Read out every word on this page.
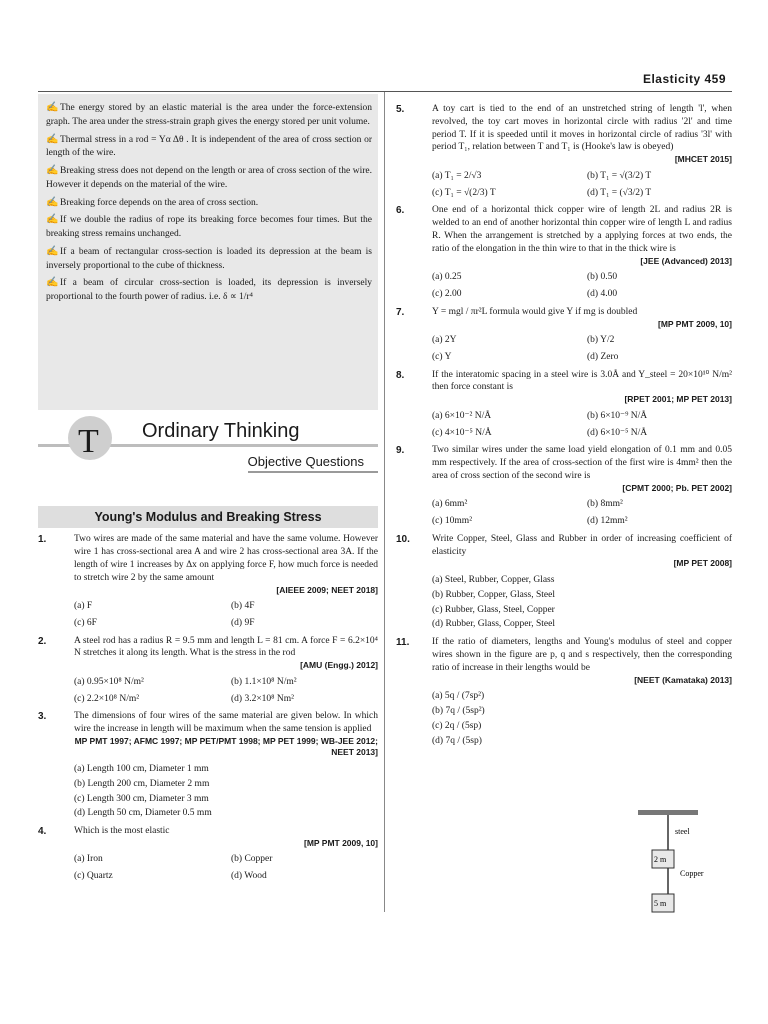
Elasticity 459
✍ The energy stored by an elastic material is the area under the force-extension graph. The area under the stress-strain graph gives the energy stored per unit volume.
✍ Thermal stress in a rod = Yα Δθ . It is independent of the area of cross section or length of the wire.
✍ Breaking stress does not depend on the length or area of cross section of the wire. However it depends on the material of the wire.
✍ Breaking force depends on the area of cross section.
✍ If we double the radius of rope its breaking force becomes four times. But the breaking stress remains unchanged.
✍ If a beam of rectangular cross-section is loaded its depression at the beam is inversely proportional to the cube of thickness.
✍ If a beam of circular cross-section is loaded, its depression is inversely proportional to the fourth power of radius. i.e. δ ∝ 1/r⁴
T Ordinary Thinking
Objective Questions
Young's Modulus and Breaking Stress
1.	Two wires are made of the same material and have the same volume. However wire 1 has cross-sectional area A and wire 2 has cross-sectional area 3A. If the length of wire 1 increases by Δx on applying force F, how much force is needed to stretch wire 2 by the same amount
[AIEEE 2009; NEET 2018]
(a) F	(b) 4F
(c) 6F	(d) 9F
2.	A steel rod has a radius R = 9.5 mm and length L = 81 cm. A force F = 6.2×10⁴ N stretches it along its length. What is the stress in the rod
[AMU (Engg.) 2012]
(a) 0.95×10⁸ N/m²	(b) 1.1×10⁸ N/m²
(c) 2.2×10⁸ N/m²	(d) 3.2×10⁸ Nm²
3.	The dimensions of four wires of the same material are given below. In which wire the increase in length will be maximum when the same tension is applied
MP PMT 1997; AFMC 1997; MP PET/PMT 1998; MP PET 1999; WB-JEE 2012; NEET 2013]
(a) Length 100 cm, Diameter 1 mm
(b) Length 200 cm, Diameter 2 mm
(c) Length 300 cm, Diameter 3 mm
(d) Length 50 cm, Diameter 0.5 mm
4.	Which is the most elastic
[MP PMT 2009, 10]
(a) Iron	(b) Copper
(c) Quartz	(d) Wood
5.	A toy cart is tied to the end of an unstretched string of length 'l', when revolved, the toy cart moves in horizontal circle with radius '2l' and time period T. If it is speeded until it moves in horizontal circle of radius '3l' with period T₁, relation between T and T₁ is (Hooke's law is obeyed)
[MHCET 2015]
(a) T₁ = 2/√3	(b) T₁ = √(3/2) T
(c) T₁ = √(2/3) T	(d) T₁ = (√3/2) T
6.	One end of a horizontal thick copper wire of length 2L and radius 2R is welded to an end of another horizontal thin copper wire of length L and radius R. When the arrangement is stretched by a applying forces at two ends, the ratio of the elongation in the thin wire to that in the thick wire is
[JEE (Advanced) 2013]
(a) 0.25	(b) 0.50
(c) 2.00	(d) 4.00
7.	Y = mgl / πr²L formula would give Y if mg is doubled
[MP PMT 2009, 10]
(a) 2Y	(b) Y/2
(c) Y	(d) Zero
8.	If the interatomic spacing in a steel wire is 3.0Å and Y_steel = 20×10¹⁰ N/m² then force constant is
[RPET 2001; MP PET 2013]
(a) 6×10⁻² N/Å	(b) 6×10⁻⁹ N/Å
(c) 4×10⁻⁵ N/Å	(d) 6×10⁻⁵ N/Å
9.	Two similar wires under the same load yield elongation of 0.1 mm and 0.05 mm respectively. If the area of cross-section of the first wire is 4mm² then the area of cross section of the second wire is
[CPMT 2000; Pb. PET 2002]
(a) 6mm²	(b) 8mm²
(c) 10mm²	(d) 12mm²
10. Write Copper, Steel, Glass and Rubber in order of increasing coefficient of elasticity
[MP PET 2008]
(a) Steel, Rubber, Copper, Glass
(b) Rubber, Copper, Glass, Steel
(c) Rubber, Glass, Steel, Copper
(d) Rubber, Glass, Copper, Steel
11. If the ratio of diameters, lengths and Young's modulus of steel and copper wires shown in the figure are p, q and s respectively, then the corresponding ratio of increase in their lengths would be
[NEET (Kamataka) 2013]
(a) 5q / (7sp²)
(b) 7q / (5sp²)
(c) 2q / (5sp)
(d) 7q / (5sp)
steel
Copper
2 m
5 m
